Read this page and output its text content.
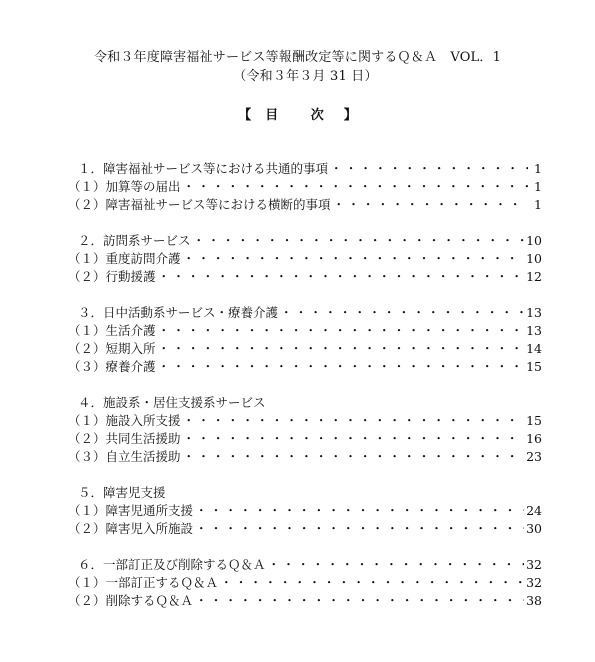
令和３年度障害福祉サービス等報酬改定等に関するＱ＆Ａ　VOL．1
（令和３年３月 31 日）
【 目 次 】
１．障害福祉サービス等における共通的事項 ・・・・・・・・・・・・・・・・・・・・・・・・・・・・・・・・・・・・・・・・・・・・・・・・・・・・・・・・・・・・	1
（１）加算等の届出 ・・・・・・・・・・・・・・・・・・・・・・・・・・・・・・・・・・・・・・・・・・・・・・・・・・・・・・・・・・・・	1
（２）障害福祉サービス等における横断的事項 ・・・・・・・・・・・・・・・・・・・・・・・・・・・・・・・・・・・・・・・・・・・・・・・・・・・・・・・・・・・・	1
２．訪問系サービス ・・・・・・・・・・・・・・・・・・・・・・・・・・・・・・・・・・・・・・・・・・・・・・・・・・・・・・・・・・・・	10
（１）重度訪問介護 ・・・・・・・・・・・・・・・・・・・・・・・・・・・・・・・・・・・・・・・・・・・・・・・・・・・・・・・・・・・・	10
（２）行動援護 ・・・・・・・・・・・・・・・・・・・・・・・・・・・・・・・・・・・・・・・・・・・・・・・・・・・・・・・・・・・・	12
３．日中活動系サービス・療養介護 ・・・・・・・・・・・・・・・・・・・・・・・・・・・・・・・・・・・・・・・・・・・・・・・・・・・・・・・・・・・・	13
（１）生活介護 ・・・・・・・・・・・・・・・・・・・・・・・・・・・・・・・・・・・・・・・・・・・・・・・・・・・・・・・・・・・・	13
（２）短期入所 ・・・・・・・・・・・・・・・・・・・・・・・・・・・・・・・・・・・・・・・・・・・・・・・・・・・・・・・・・・・・	14
（３）療養介護 ・・・・・・・・・・・・・・・・・・・・・・・・・・・・・・・・・・・・・・・・・・・・・・・・・・・・・・・・・・・・	15
４．施設系・居住支援系サービス
（１）施設入所支援 ・・・・・・・・・・・・・・・・・・・・・・・・・・・・・・・・・・・・・・・・・・・・・・・・・・・・・・・・・・・・	15
（２）共同生活援助 ・・・・・・・・・・・・・・・・・・・・・・・・・・・・・・・・・・・・・・・・・・・・・・・・・・・・・・・・・・・・	16
（３）自立生活援助 ・・・・・・・・・・・・・・・・・・・・・・・・・・・・・・・・・・・・・・・・・・・・・・・・・・・・・・・・・・・・	23
５．障害児支援
（１）障害児通所支援 ・・・・・・・・・・・・・・・・・・・・・・・・・・・・・・・・・・・・・・・・・・・・・・・・・・・・・・・・・・・・	24
（２）障害児入所施設 ・・・・・・・・・・・・・・・・・・・・・・・・・・・・・・・・・・・・・・・・・・・・・・・・・・・・・・・・・・・・	30
６．一部訂正及び削除するＱ＆Ａ ・・・・・・・・・・・・・・・・・・・・・・・・・・・・・・・・・・・・・・・・・・・・・・・・・・・・・・・・・・・・	32
（１）一部訂正するＱ＆Ａ ・・・・・・・・・・・・・・・・・・・・・・・・・・・・・・・・・・・・・・・・・・・・・・・・・・・・・・・・・・・・	32
（２）削除するＱ＆Ａ ・・・・・・・・・・・・・・・・・・・・・・・・・・・・・・・・・・・・・・・・・・・・・・・・・・・・・・・・・・・・	38
